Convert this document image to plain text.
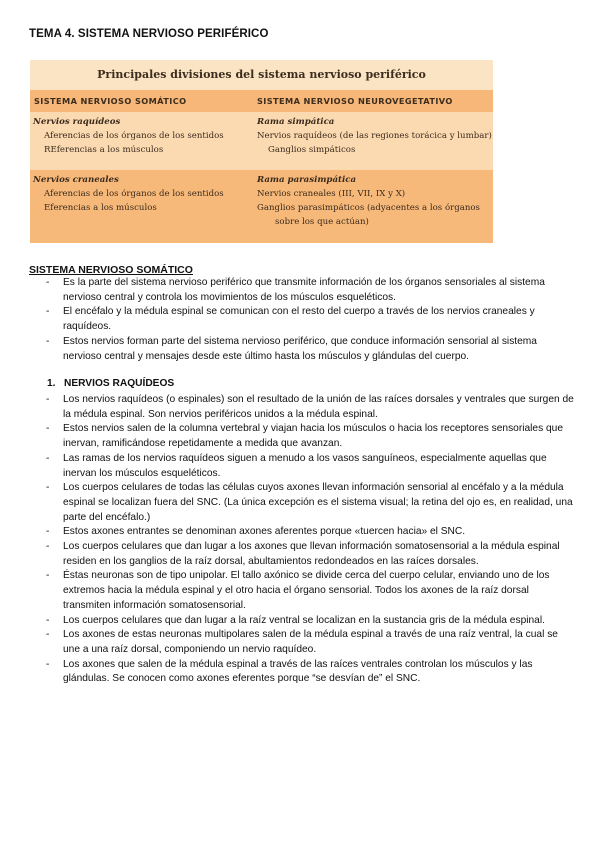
TEMA 4. SISTEMA NERVIOSO PERIFÉRICO
Principales divisiones del sistema nervioso periférico
SISTEMA NERVIOSO SOMÁTICO	SISTEMA NERVIOSO NEUROVEGETATIVO
Nervios raquídeos
Aferencias de los órganos de los sentidos
REferencias a los músculos
Rama simpática
Nervios raquídeos (de las regiones torácica y lumbar)
Ganglios simpáticos
Nervios craneales
Aferencias de los órganos de los sentidos
Eferencias a los músculos
Rama parasimpática
Nervios craneales (III, VII, IX y X)
Ganglios parasimpáticos (adyacentes a los órganos
sobre los que actúan)
SISTEMA NERVIOSO SOMÁTICO
- Es la parte del sistema nervioso periférico que transmite información de los órganos sensoriales al sistema nervioso central y controla los movimientos de los músculos esqueléticos.
- El encéfalo y la médula espinal se comunican con el resto del cuerpo a través de los nervios craneales y raquídeos.
- Estos nervios forman parte del sistema nervioso periférico, que conduce información sensorial al sistema nervioso central y mensajes desde este último hasta los músculos y glándulas del cuerpo.
1.   NERVIOS RAQUÍDEOS
- Los nervios raquídeos (o espinales) son el resultado de la unión de las raíces dorsales y ventrales que surgen de la médula espinal. Son nervios periféricos unidos a la médula espinal.
- Estos nervios salen de la columna vertebral y viajan hacia los músculos o hacia los receptores sensoriales que inervan, ramificándose repetidamente a medida que avanzan.
- Las ramas de los nervios raquídeos siguen a menudo a los vasos sanguíneos, especialmente aquellas que inervan los músculos esqueléticos.
- Los cuerpos celulares de todas las células cuyos axones llevan información sensorial al encéfalo y a la médula espinal se localizan fuera del SNC. (La única excepción es el sistema visual; la retina del ojo es, en realidad, una parte del encéfalo.)
- Estos axones entrantes se denominan axones aferentes porque «tuercen hacia» el SNC.
- Los cuerpos celulares que dan lugar a los axones que llevan información somatosensorial a la médula espinal residen en los ganglios de la raíz dorsal, abultamientos redondeados en las raíces dorsales.
- Éstas neuronas son de tipo unipolar. El tallo axónico se divide cerca del cuerpo celular, enviando uno de los extremos hacia la médula espinal y el otro hacia el órgano sensorial. Todos los axones de la raíz dorsal transmiten información somatosensorial.
- Los cuerpos celulares que dan lugar a la raíz ventral se localizan en la sustancia gris de la médula espinal.
- Los axones de estas neuronas multipolares salen de la médula espinal a través de una raíz ventral, la cual se une a una raíz dorsal, componiendo un nervio raquídeo.
- Los axones que salen de la médula espinal a través de las raíces ventrales controlan los músculos y las glándulas. Se conocen como axones eferentes porque “se desvían de” el SNC.
